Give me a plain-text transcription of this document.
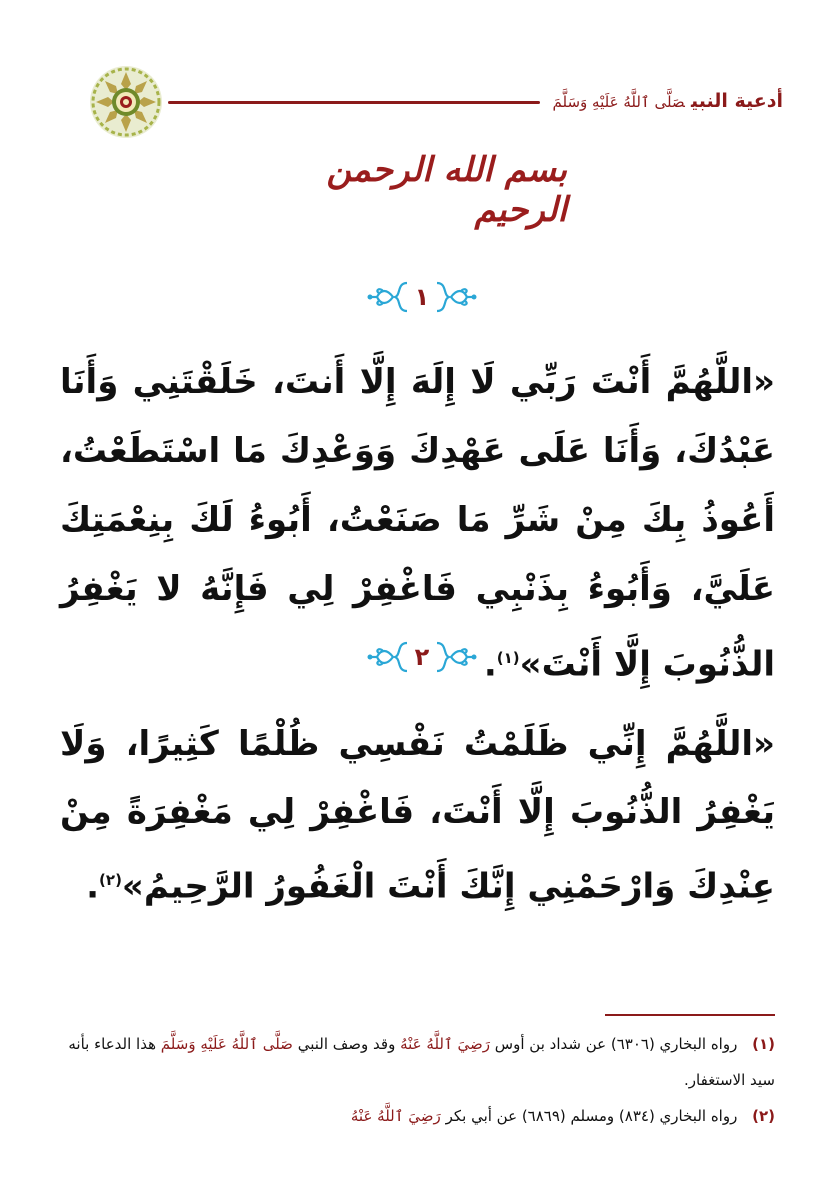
أدعية النبيصَلَّى ٱللَّهُ عَلَيْهِ وَسَلَّمَ
بسم الله الرحمن الرحيم
١
«اللَّهُمَّ أَنْتَ رَبِّي لَا إِلَهَ إِلَّا أَنتَ، خَلَقْتَنِي وَأَنَا عَبْدُكَ، وَأَنَا عَلَى عَهْدِكَ وَوَعْدِكَ مَا اسْتَطَعْتُ، أَعُوذُ بِكَ مِنْ شَرِّ مَا صَنَعْتُ، أَبُوءُ لَكَ بِنِعْمَتِكَ عَلَيَّ، وَأَبُوءُ بِذَنْبِي فَاغْفِرْ لِي فَإِنَّهُ لا يَغْفِرُ الذُّنُوبَ إِلَّا أَنْتَ»$^{(١)}$.
٢
«اللَّهُمَّ إِنِّي ظَلَمْتُ نَفْسِي ظُلْمًا كَثِيرًا، وَلَا يَغْفِرُ الذُّنُوبَ إِلَّا أَنْتَ، فَاغْفِرْ لِي مَغْفِرَةً مِنْ عِنْدِكَ وَارْحَمْنِي إِنَّكَ أَنْتَ الْغَفُورُ الرَّحِيمُ»$^{(٢)}$.
(١) رواه البخاري (٦٣٠٦) عن شداد بن أوس رَضِيَ ٱللَّهُ عَنْهُ وقد وصف النبي صَلَّى ٱللَّهُ عَلَيْهِ وَسَلَّمَ هذا الدعاء بأنه سيد الاستغفار.
(٢) رواه البخاري (٨٣٤) ومسلم (٦٨٦٩) عن أبي بكر رَضِيَ ٱللَّهُ عَنْهُ
